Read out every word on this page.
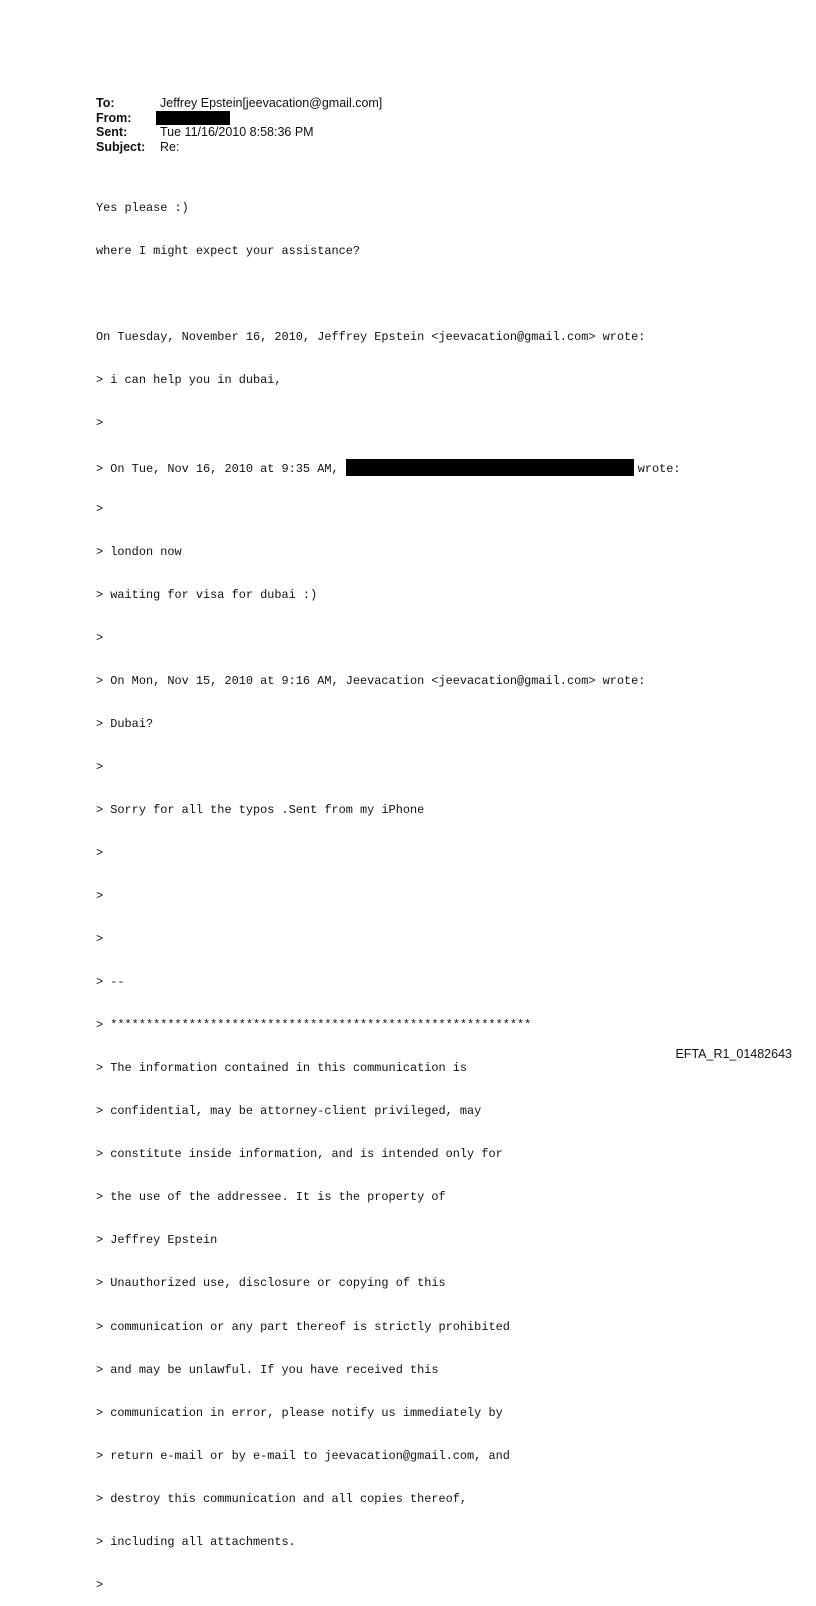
To:	Jeffrey Epstein[jeevacation@gmail.com]
From:
Sent:	Tue 11/16/2010 8:58:36 PM
Subject:	Re:

Yes please :)

where I might expect your assistance?

On Tuesday, November 16, 2010, Jeffrey Epstein <jeevacation@gmail.com> wrote:

> i can help you in dubai,

>

> On Tue, Nov 16, 2010 at 9:35 AM,	wrote:

>

> london now

> waiting for visa for dubai :)

>

> On Mon, Nov 15, 2010 at 9:16 AM, Jeevacation <jeevacation@gmail.com> wrote:

> Dubai?

>

> Sorry for all the typos .Sent from my iPhone

>

>

>

> --

> ***********************************************************

> The information contained in this communication is

> confidential, may be attorney-client privileged, may

> constitute inside information, and is intended only for

> the use of the addressee. It is the property of

> Jeffrey Epstein

> Unauthorized use, disclosure or copying of this

> communication or any part thereof is strictly prohibited

> and may be unlawful. If you have received this

> communication in error, please notify us immediately by

> return e-mail or by e-mail to jeevacation@gmail.com, and

> destroy this communication and all copies thereof,

> including all attachments.

>

EFTA_R1_01482643
